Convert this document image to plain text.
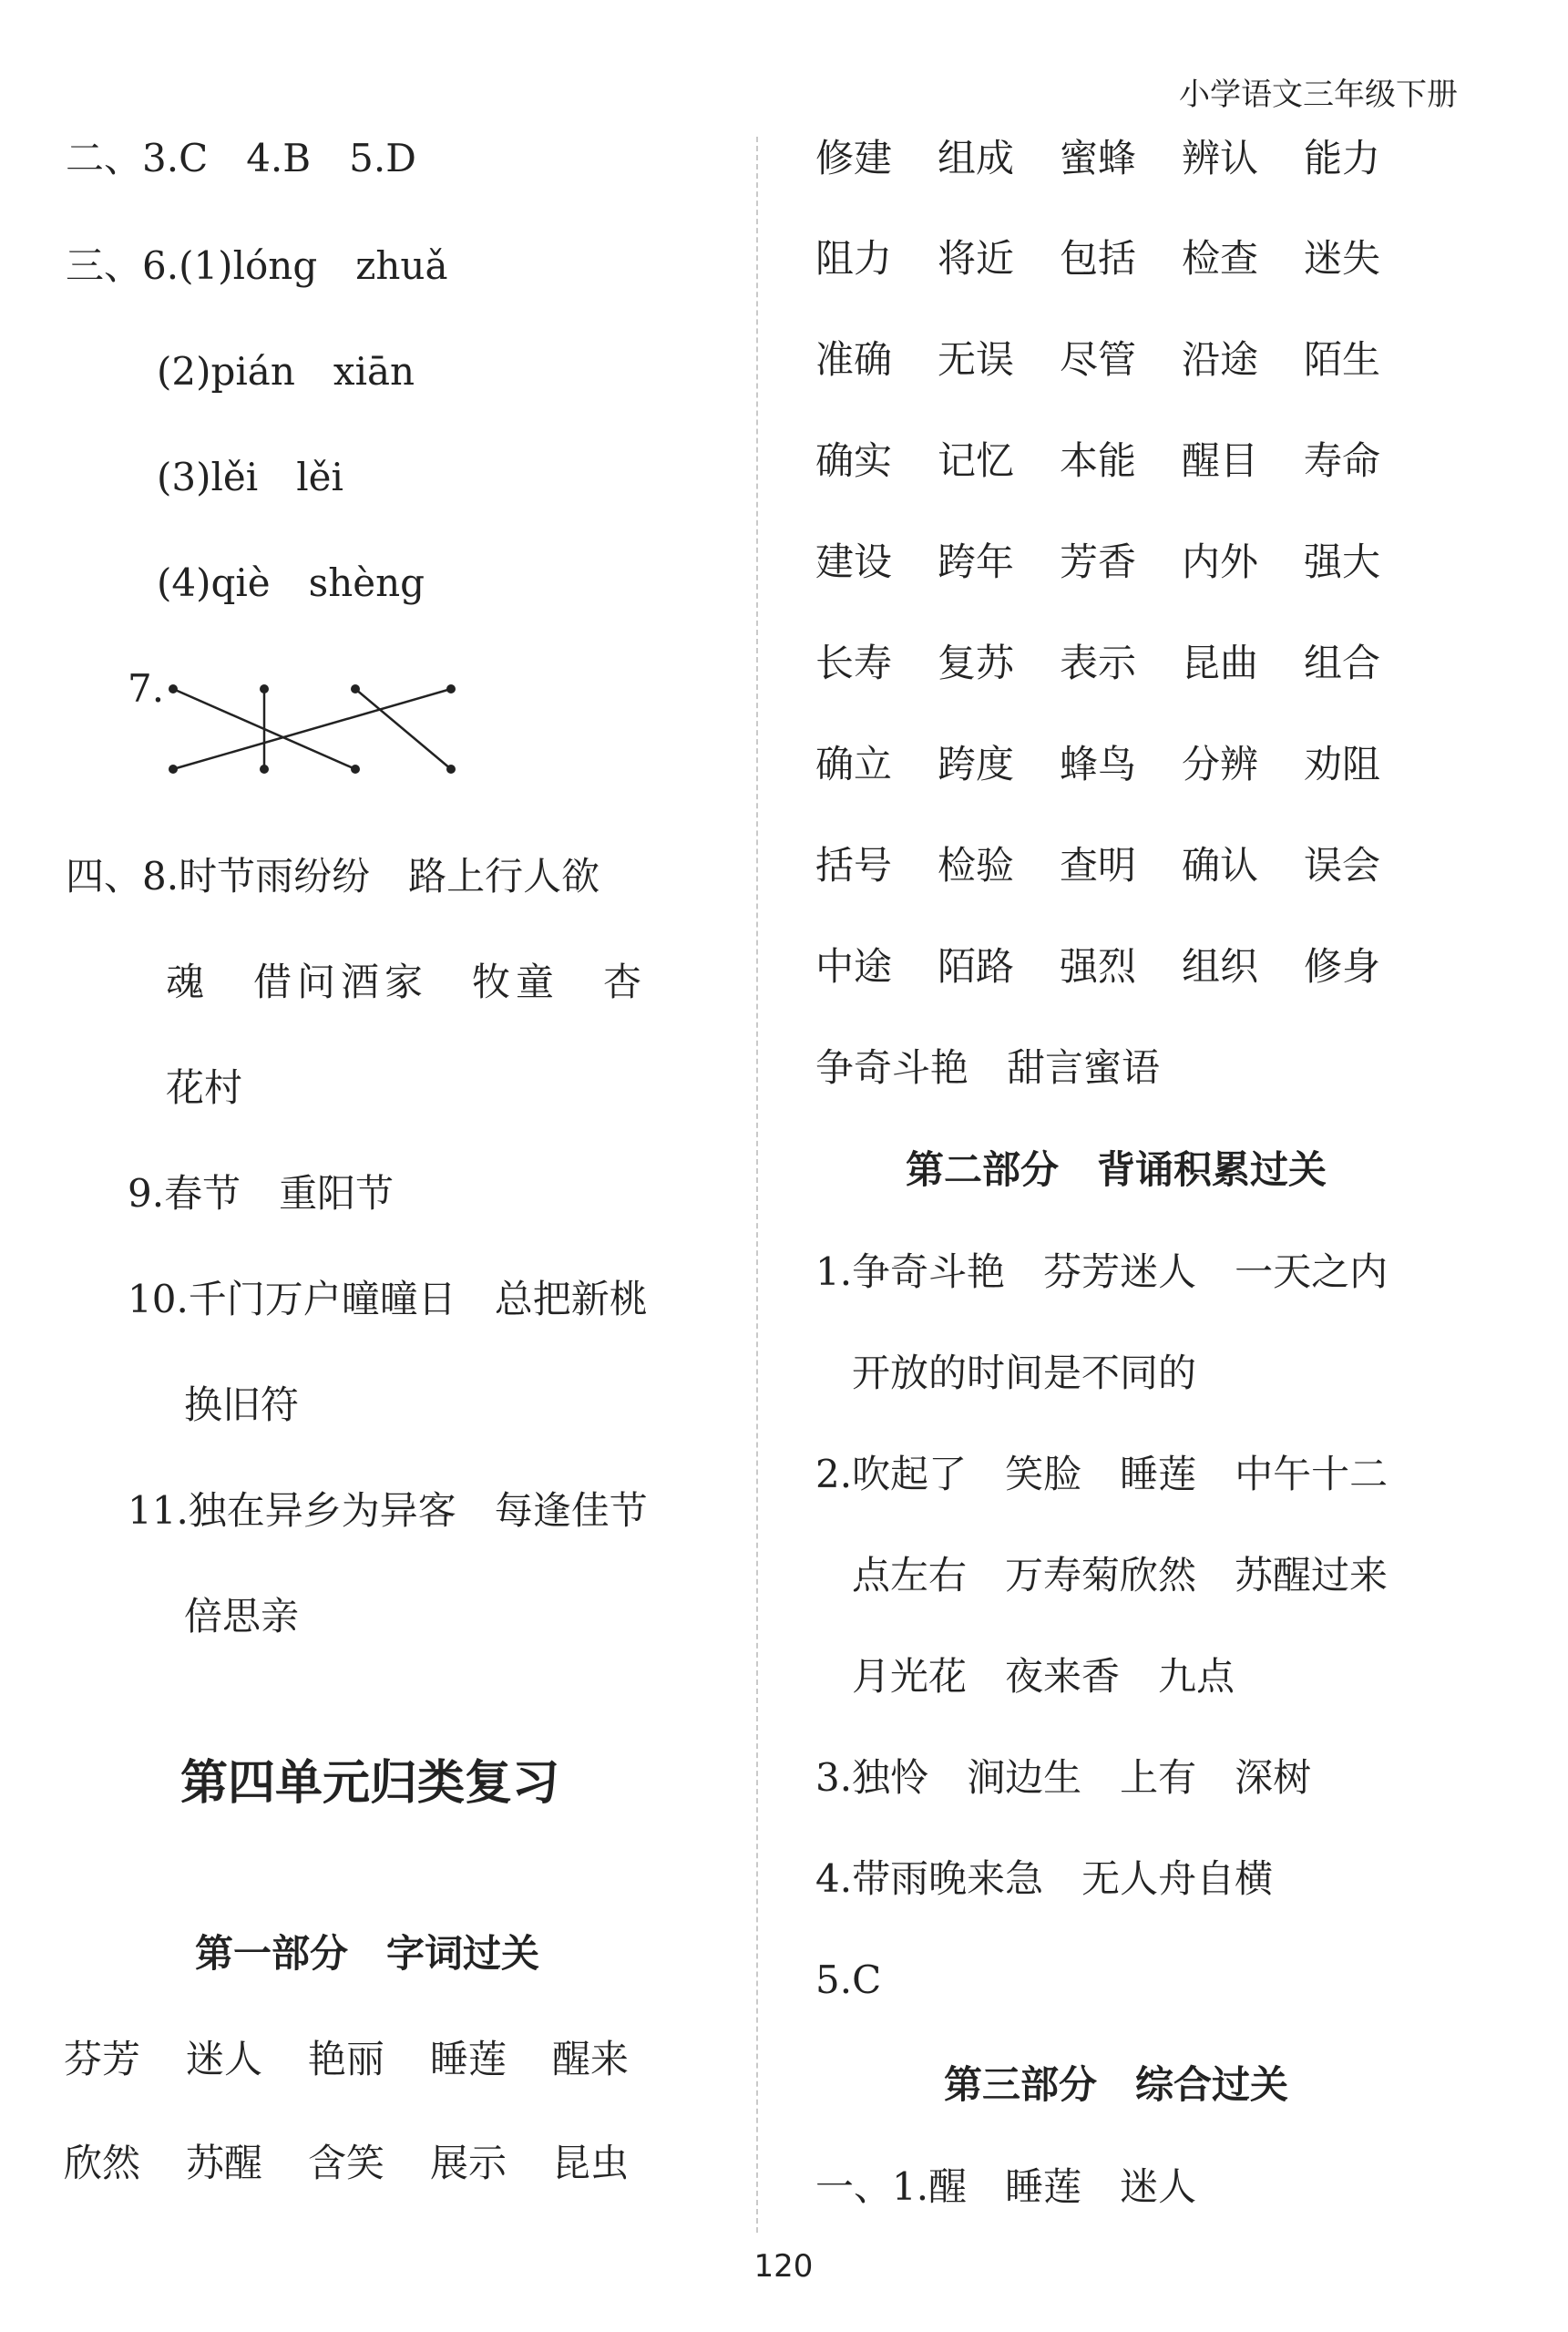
小学语文三年级下册
二、3.C　4.B　5.D
三、6.(1)lóng　zhuǎ
(2)pián　xiān
(3)lěi　lěi
(4)qiè　shèng
7.
四、8.时节雨纷纷　路上行人欲
魂　借问酒家　牧童　杏
花村
9.春节　重阳节
10.千门万户曈曈日　总把新桃
换旧符
11.独在异乡为异客　每逢佳节
倍思亲
第四单元归类复习
第一部分　字词过关
芬芳 迷人 艳丽 睡莲 醒来
欣然 苏醒 含笑 展示 昆虫
修建 组成 蜜蜂 辨认 能力
阻力 将近 包括 检查 迷失
准确 无误 尽管 沿途 陌生
确实 记忆 本能 醒目 寿命
建设 跨年 芳香 内外 强大
长寿 复苏 表示 昆曲 组合
确立 跨度 蜂鸟 分辨 劝阻
括号 检验 查明 确认 误会
中途 陌路 强烈 组织 修身
争奇斗艳　甜言蜜语
第二部分　背诵积累过关
1.争奇斗艳　芬芳迷人　一天之内
开放的时间是不同的
2.吹起了　笑脸　睡莲　中午十二
点左右　万寿菊欣然　苏醒过来
月光花　夜来香　九点
3.独怜　涧边生　上有　深树
4.带雨晚来急　无人舟自横
5.C
第三部分　综合过关
一、1.醒　睡莲　迷人
120
